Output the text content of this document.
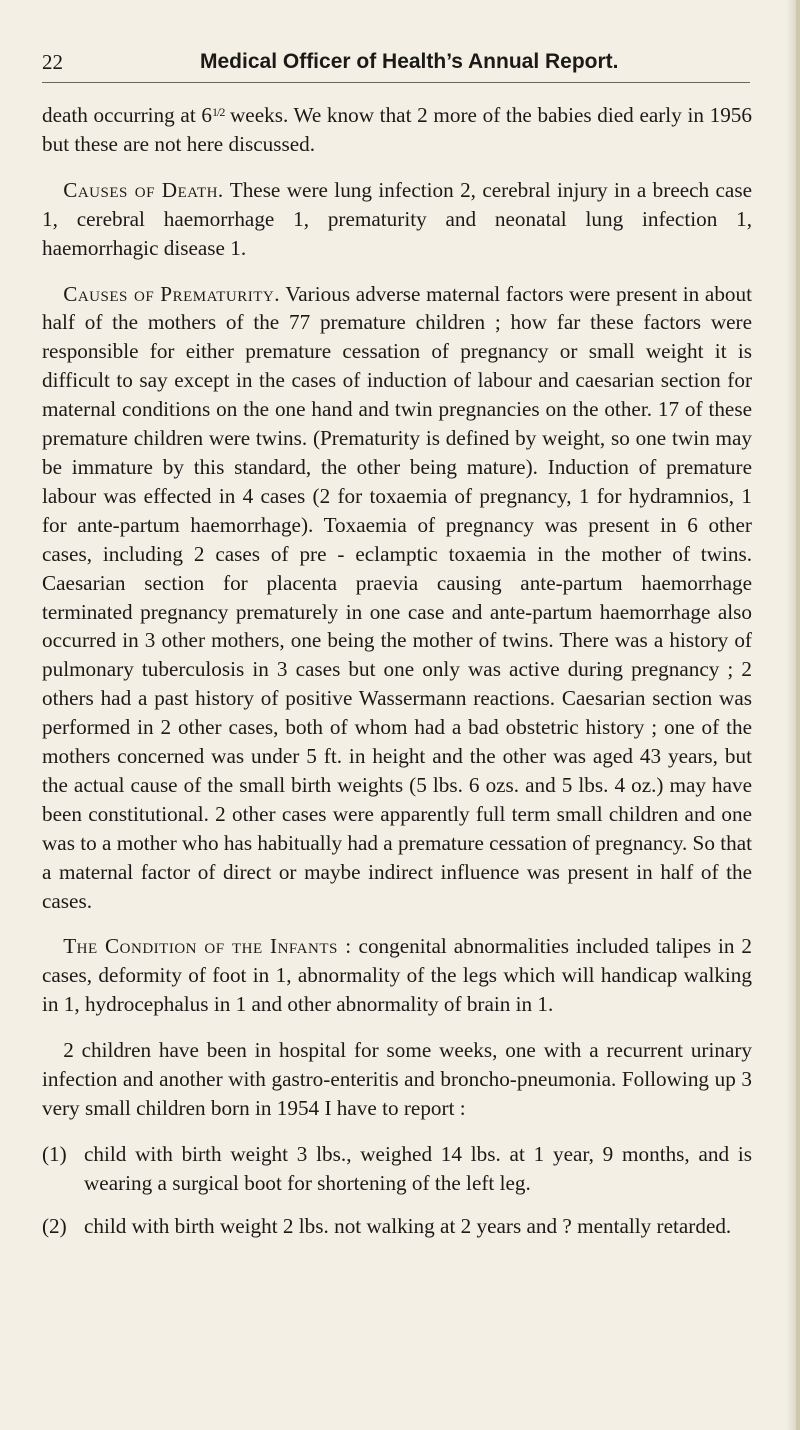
22	Medical Officer of Health’s Annual Report.

death occurring at $6^{1/2}$ weeks. We know that 2 more of the babies died early in 1956 but these are not here discussed.

 Causes of Death. These were lung infection 2, cerebral injury in a breech case 1, cerebral haemorrhage 1, prematurity and neonatal lung infection 1, haemorrhagic disease 1.

 Causes of Prematurity. Various adverse maternal factors were present in about half of the mothers of the 77 premature children ; how far these factors were responsible for either premature cessation of pregnancy or small weight it is difficult to say except in the cases of induction of labour and caesarian section for maternal conditions on the one hand and twin pregnancies on the other. 17 of these premature children were twins. (Prematurity is defined by weight, so one twin may be immature by this standard, the other being mature). Induction of premature labour was effected in 4 cases (2 for toxaemia of pregnancy, 1 for hydramnios, 1 for ante-partum haemorrhage). Toxaemia of pregnancy was present in 6 other cases, including 2 cases of pre - eclamptic toxaemia in the mother of twins. Caesarian section for placenta praevia causing ante-partum haemorrhage terminated pregnancy prematurely in one case and ante-partum haemorrhage also occurred in 3 other mothers, one being the mother of twins. There was a history of pulmonary tuberculosis in 3 cases but one only was active during pregnancy ; 2 others had a past history of positive Wassermann reactions. Caesarian section was performed in 2 other cases, both of whom had a bad obstetric history ; one of the mothers concerned was under 5 ft. in height and the other was aged 43 years, but the actual cause of the small birth weights (5 lbs. 6 ozs. and 5 lbs. 4 oz.) may have been constitutional. 2 other cases were apparently full term small children and one was to a mother who has habitually had a premature cessation of pregnancy. So that a maternal factor of direct or maybe indirect influence was present in half of the cases.

 The Condition of the Infants : congenital abnormalities included talipes in 2 cases, deformity of foot in 1, abnormality of the legs which will handicap walking in 1, hydrocephalus in 1 and other abnormality of brain in 1.

 2 children have been in hospital for some weeks, one with a recurrent urinary infection and another with gastro-enteritis and broncho-pneumonia. Following up 3 very small children born in 1954 I have to report :

(1) child with birth weight 3 lbs., weighed 14 lbs. at 1 year, 9 months, and is wearing a surgical boot for shortening of the left leg.
(2) child with birth weight 2 lbs. not walking at 2 years and ? mentally retarded.
